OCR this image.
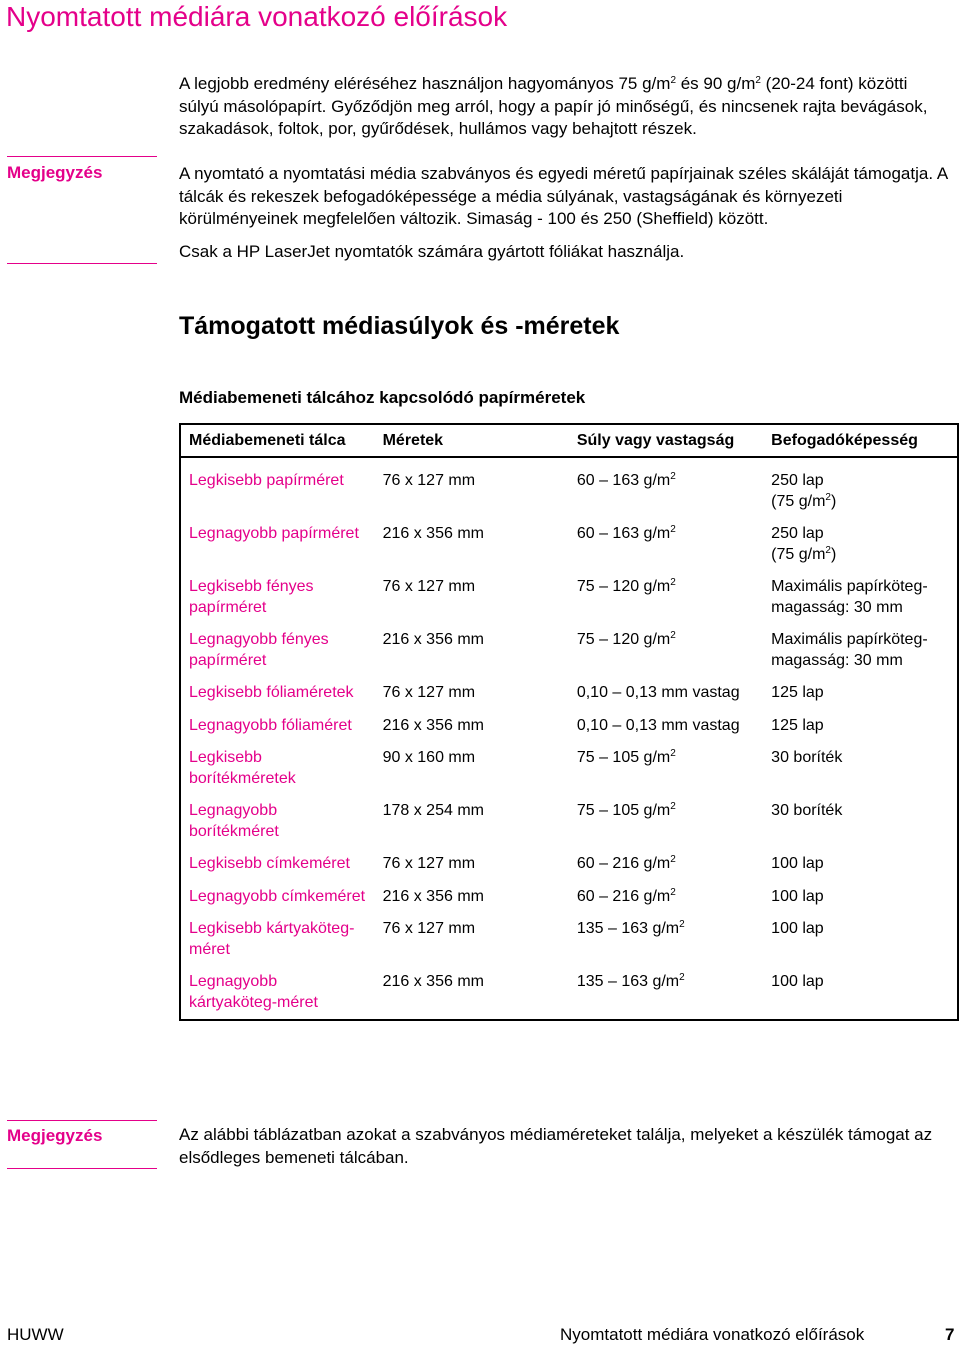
Nyomtatott médiára vonatkozó előírások

A legjobb eredmény eléréséhez használjon hagyományos 75 $g/m^2$ és 90 $g/m^2$ (20-24 font) közötti súlyú másolópapírt. Győződjön meg arról, hogy a papír jó minőségű, és nincsenek rajta bevágások, szakadások, foltok, por, gyűrődések, hullámos vagy behajtott részek.

Megjegyzés	A nyomtató a nyomtatási média szabványos és egyedi méretű papírjainak széles skáláját támogatja. A tálcák és rekeszek befogadóképessége a média súlyának, vastagságának és környezeti körülményeinek megfelelően változik. Simaság - 100 és 250 (Sheffield) között.

Csak a HP LaserJet nyomtatók számára gyártott fóliákat használja.

Támogatott médiasúlyok és -méretek
Médiabemeneti tálcához kapcsolódó papírméretek
Médiabemeneti tálca	Méretek	Súly vagy vastagság	Befogadóképesség
Legkisebb papírméret	76 x 127 mm	60 – 163 $g/m^2$	250 lap
(75 $g/m^2$)
Legnagyobb papírméret	216 x 356 mm	60 – 163 $g/m^2$	250 lap
(75 $g/m^2$)
Legkisebb fényes papírméret	76 x 127 mm	75 – 120 $g/m^2$	Maximális papírköteg-magasság: 30 mm
Legnagyobb fényes papírméret	216 x 356 mm	75 – 120 $g/m^2$	Maximális papírköteg-magasság: 30 mm
Legkisebb fóliaméretek	76 x 127 mm	0,10 – 0,13 mm vastag	125 lap
Legnagyobb fóliaméret	216 x 356 mm	0,10 – 0,13 mm vastag	125 lap
Legkisebb borítékméretek	90 x 160 mm	75 – 105 $g/m^2$	30 boríték
Legnagyobb borítékméret	178 x 254 mm	75 – 105 $g/m^2$	30 boríték
Legkisebb címkeméret	76 x 127 mm	60 – 216 $g/m^2$	100 lap
Legnagyobb címkeméret	216 x 356 mm	60 – 216 $g/m^2$	100 lap
Legkisebb kártyaköteg-méret	76 x 127 mm	135 – 163 $g/m^2$	100 lap
Legnagyobb kártyaköteg-méret	216 x 356 mm	135 – 163 $g/m^2$	100 lap
Megjegyzés	Az alábbi táblázatban azokat a szabványos médiaméreteket találja, melyeket a készülék támogat az elsődleges bemeneti tálcában.

HUWW	Nyomtatott médiára vonatkozó előírások	7
